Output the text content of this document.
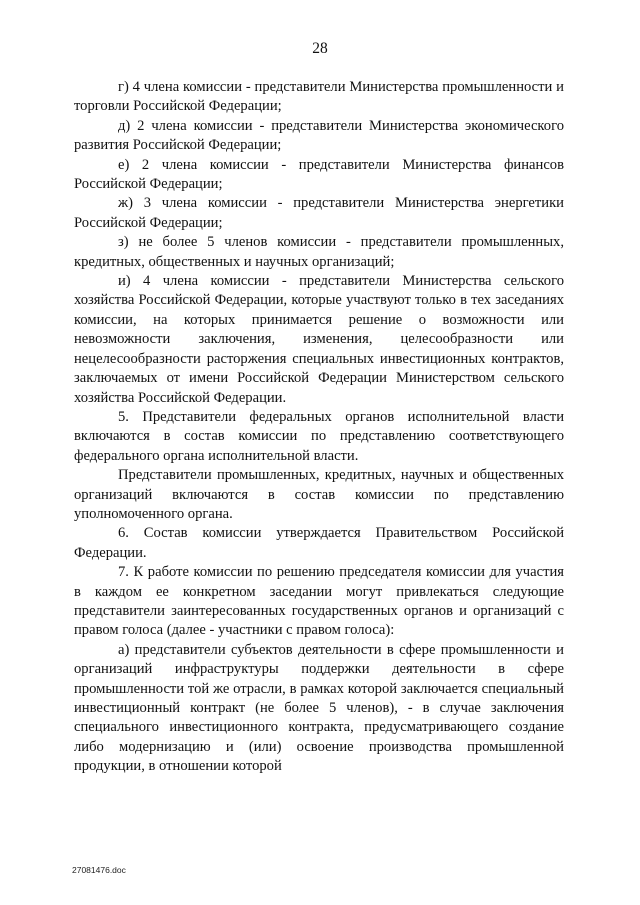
28

г) 4 члена комиссии - представители Министерства промышленности и торговли Российской Федерации;

д) 2 члена комиссии - представители Министерства экономического развития Российской Федерации;

е) 2 члена комиссии - представители Министерства финансов Российской Федерации;

ж) 3 члена комиссии - представители Министерства энергетики Российской Федерации;

з) не более 5 членов комиссии - представители промышленных, кредитных, общественных и научных организаций;

и) 4 члена комиссии - представители Министерства сельского хозяйства Российской Федерации, которые участвуют только в тех заседаниях комиссии, на которых принимается решение о возможности или невозможности заключения, изменения, целесообразности или нецелесообразности расторжения специальных инвестиционных контрактов, заключаемых от имени Российской Федерации Министерством сельского хозяйства Российской Федерации.

5. Представители федеральных органов исполнительной власти включаются в состав комиссии по представлению соответствующего федерального органа исполнительной власти.

Представители промышленных, кредитных, научных и общественных организаций включаются в состав комиссии по представлению уполномоченного органа.

6. Состав комиссии утверждается Правительством Российской Федерации.

7. К работе комиссии по решению председателя комиссии для участия в каждом ее конкретном заседании могут привлекаться следующие представители заинтересованных государственных органов и организаций с правом голоса (далее - участники с правом голоса):

а) представители субъектов деятельности в сфере промышленности и организаций инфраструктуры поддержки деятельности в сфере промышленности той же отрасли, в рамках которой заключается специальный инвестиционный контракт (не более 5 членов), - в случае заключения специального инвестиционного контракта, предусматривающего создание либо модернизацию и (или) освоение производства промышленной продукции, в отношении которой

27081476.doc
